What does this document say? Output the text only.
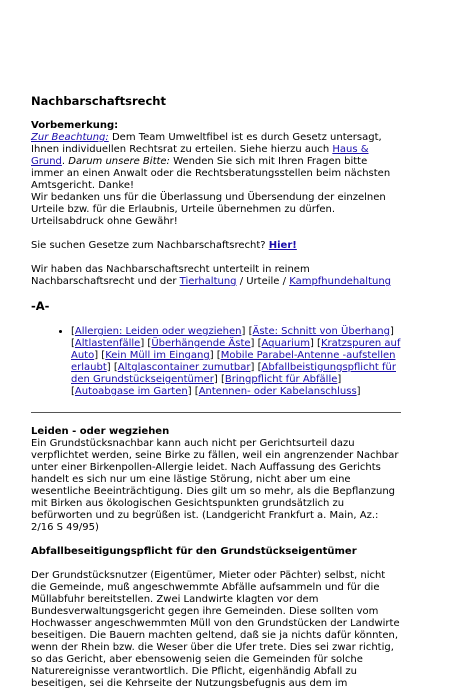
Nachbarschaftsrecht

Vorbemerkung:
Zur Beachtung: Dem Team Umweltfibel ist es durch Gesetz untersagt, Ihnen individuellen Rechtsrat zu erteilen. Siehe hierzu auch Haus & Grund. Darum unsere Bitte: Wenden Sie sich mit Ihren Fragen bitte immer an einen Anwalt oder die Rechtsberatungsstellen beim nächsten Amtsgericht. Danke!
Wir bedanken uns für die Überlassung und Übersendung der einzelnen Urteile bzw. für die Erlaubnis, Urteile übernehmen zu dürfen. Urteilsabdruck ohne Gewähr!

Sie suchen Gesetze zum Nachbarschaftsrecht? Hier!

Wir haben das Nachbarschaftsrecht unterteilt in reinem Nachbarschaftsrecht und der Tierhaltung / Urteile / Kampfhundehaltung

-A-
• [Allergien: Leiden oder wegziehen] [Äste: Schnitt von Überhang] [Altlastenfälle] [Überhängende Äste] [Aquarium] [Kratzspuren auf Auto] [Kein Müll im Eingang] [Mobile Parabel-Antenne -aufstellen erlaubt] [Altglascontainer zumutbar] [Abfallbeistigungspflicht für den Grundstückseigentümer] [Bringpflicht für Abfälle] [Autoabgase im Garten] [Antennen- oder Kabelanschluss]

Leiden - oder wegziehen
Ein Grundstücksnachbar kann auch nicht per Gerichtsurteil dazu verpflichtet werden, seine Birke zu fällen, weil ein angrenzender Nachbar unter einer Birkenpollen-Allergie leidet. Nach Auffassung des Gerichts handelt es sich nur um eine lästige Störung, nicht aber um eine wesentliche Beeinträchtigung. Dies gilt um so mehr, als die Bepflanzung mit Birken aus ökologischen Gesichtspunkten grundsätzlich zu befürworten und zu begrüßen ist. (Landgericht Frankfurt a. Main, Az.: 2/16 S 49/95)

Abfallbeseitigungspflicht für den Grundstückseigentümer

Der Grundstücksnutzer (Eigentümer, Mieter oder Pächter) selbst, nicht die Gemeinde, muß angeschwemmte Abfälle aufsammeln und für die Müllabfuhr bereitstellen. Zwei Landwirte klagten vor dem Bundesverwaltungsgericht gegen ihre Gemeinden. Diese sollten vom Hochwasser angeschwemmten Müll von den Grundstücken der Landwirte beseitigen. Die Bauern machten geltend, daß sie ja nichts dafür könnten, wenn der Rhein bzw. die Weser über die Ufer trete. Dies sei zwar richtig, so das Gericht, aber ebensowenig seien die Gemeinden für solche Naturereignisse verantwortlich. Die Pflicht, eigenhändig Abfall zu beseitigen, sei die Kehrseite der Nutzungsbefugnis aus dem im
